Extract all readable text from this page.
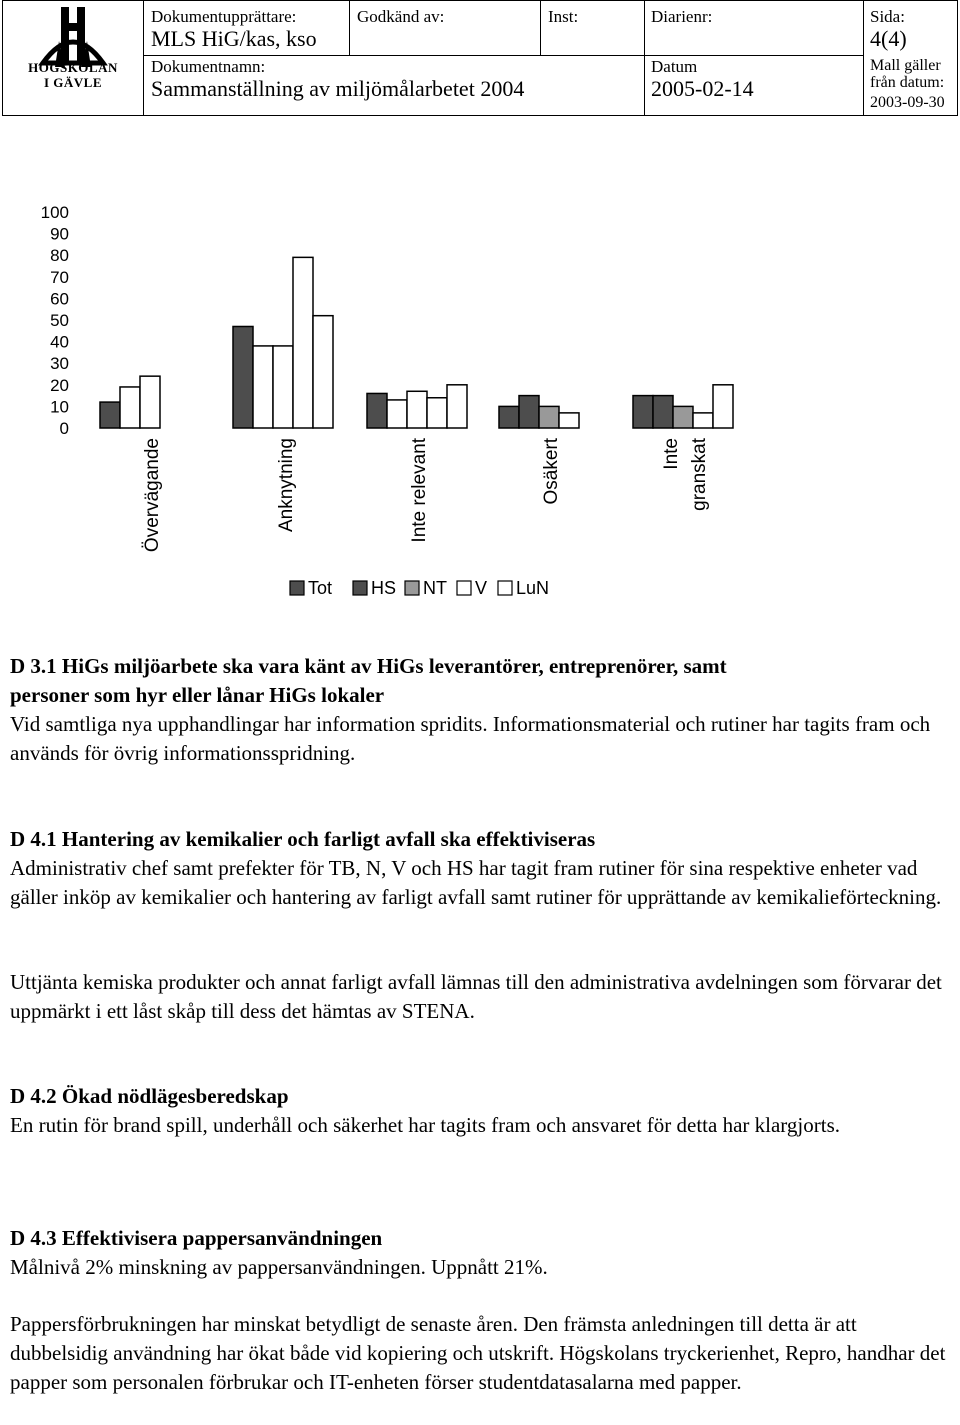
HÖGSKOLAN
I GÄVLE
Dokumentupprättare:
MLS HiG/kas, kso
Godkänd av:	Inst:	Diarienr:	Sida:
4(4)
Dokumentnamn:
Sammanställning av miljömålarbetet 2004
Datum
2005-02-14
Mall gäller
från datum:
2003-09-30
100
90
80
70
60
50
40
30
20
10
0
Övervägande	Anknytning	Inte relevant	Osäkert	Inte granskat
Tot HS NT V LuN
D 3.1 HiGs miljöarbete ska vara känt av HiGs leverantörer, entreprenörer, samt
personer som hyr eller lånar HiGs lokaler

Vid samtliga nya upphandlingar har information spridits. Informationsmaterial och rutiner har tagits fram och används för övrig informationsspridning.

D 4.1 Hantering av kemikalier och farligt avfall ska effektiviseras

Administrativ chef samt prefekter för TB, N, V och HS har tagit fram rutiner för sina respektive enheter vad gäller inköp av kemikalier och hantering av farligt avfall samt rutiner för upprättande av kemikalieförteckning.

Uttjänta kemiska produkter och annat farligt avfall lämnas till den administrativa avdelningen som förvarar det uppmärkt i ett låst skåp till dess det hämtas av STENA.

D 4.2 Ökad nödlägesberedskap

En rutin för brand spill, underhåll och säkerhet har tagits fram och ansvaret för detta har klargjorts.

D 4.3 Effektivisera pappersanvändningen

Målnivå 2% minskning av pappersanvändningen. Uppnått 21%.

Pappersförbrukningen har minskat betydligt de senaste åren. Den främsta anledningen till detta är att dubbelsidig användning har ökat både vid kopiering och utskrift. Högskolans tryckerienhet, Repro, handhar det papper som personalen förbrukar och IT-enheten förser studentdatasalarna med papper.
